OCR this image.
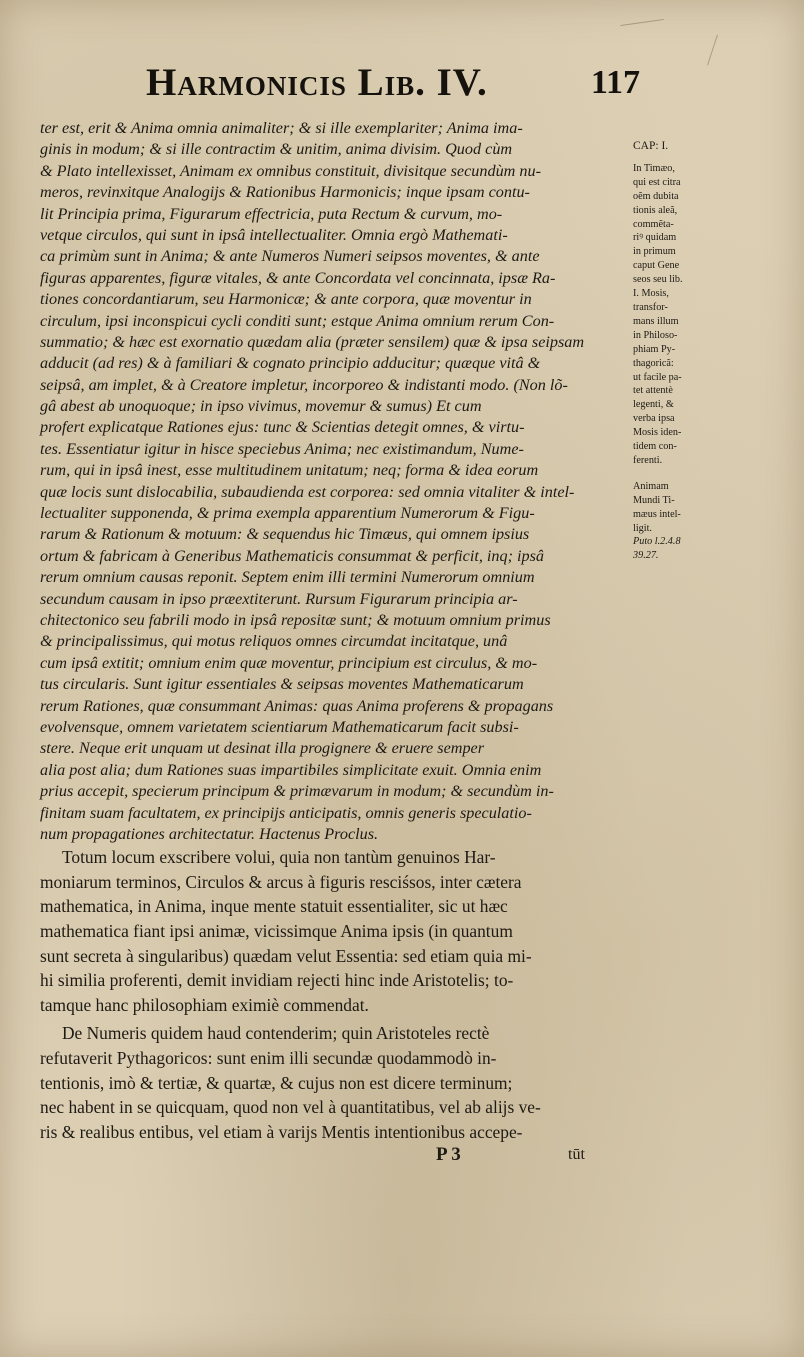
Harmonicis Lib. IV.	117
ter est, erit & Anima omnia animaliter; & si ille exemplariter; Anima ima-
ginis in modum; & si ille contractim & unitim, anima divisim. Quod cùm
& Plato intellexisset, Animam ex omnibus constituit, divisitque secundùm nu-
meros, revinxitque Analogijs & Rationibus Harmonicis; inque ipsam contu-
lit Principia prima, Figurarum effectricia, puta Rectum & curvum, mo-
vetque circulos, qui sunt in ipsâ intellectualiter. Omnia ergò Mathemati-
ca primùm sunt in Anima; & ante Numeros Numeri seipsos moventes, & ante
figuras apparentes, figuræ vitales, & ante Concordata vel concinnata, ipsæ Ra-
tiones concordantiarum, seu Harmonicæ; & ante corpora, quæ moventur in
circulum, ipsi inconspicui cycli conditi sunt; estque Anima omnium rerum Con-
summatio; & hæc est exornatio quædam alia (præter sensilem) quæ & ipsa seipsam
adducit (ad res) & à familiari & cognato principio adducitur; quæque vitâ &
seipsâ, am implet, & à Creatore impletur, incorporeo & indistanti modo. (Non lõ-
gâ abest ab unoquoque; in ipso vivimus, movemur & sumus) Et cum
profert explicatque Rationes ejus: tunc & Scientias detegit omnes, & virtu-
tes. Essentiatur igitur in hisce speciebus Anima; nec existimandum, Nume-
rum, qui in ipsâ inest, esse multitudinem unitatum; neq; forma & idea eorum
quæ locis sunt dislocabilia, subaudienda est corporea: sed omnia vitaliter & intel-
lectualiter supponenda, & prima exempla apparentium Numerorum & Figu-
rarum & Rationum & motuum: & sequendus hic Timæus, qui omnem ipsius
ortum & fabricam à Generibus Mathematicis consummat & perficit, inq; ipsâ
rerum omnium causas reponit. Septem enim illi termini Numerorum omnium
secundum causam in ipso præextiterunt. Rursum Figurarum principia ar-
chitectonico seu fabrili modo in ipsâ repositæ sunt; & motuum omnium primus
& principalissimus, qui motus reliquos omnes circumdat incitatque, unâ
cum ipsâ extitit; omnium enim quæ moventur, principium est circulus, & mo-
tus circularis. Sunt igitur essentiales & seipsas moventes Mathematicarum
rerum Rationes, quæ consummant Animas: quas Anima proferens & propagans
evolvensque, omnem varietatem scientiarum Mathematicarum facit subsi-
stere. Neque erit unquam ut desinat illa progignere & eruere semper
alia post alia; dum Rationes suas impartibiles simplicitate exuit. Omnia enim
prius accepit, specierum principum & primævarum in modum; & secundùm in-
finitam suam facultatem, ex principijs anticipatis, omnis generis speculatio-
num propagationes architectatur. Hactenus Proclus.
Totum locum exscribere volui, quia non tantùm genuinos Har-
moniarum terminos, Circulos & arcus à figuris resciśsos, inter cætera
mathematica, in Anima, inque mente statuit essentialiter, sic ut hæc
mathematica fiant ipsi animæ, vicissimque Anima ipsis (in quantum
sunt secreta à singularibus) quædam velut Essentia: sed etiam quia mi-
hi similia proferenti, demit invidiam rejecti hinc inde Aristotelis; to-
tamque hanc philosophiam eximiè commendat.
De Numeris quidem haud contenderim; quin Aristoteles rectè
refutaverit Pythagoricos: sunt enim illi secundæ quodammodò in-
tentionis, imò & tertiæ, & quartæ, & cujus non est dicere terminum;
nec habent in se quicquam, quod non vel à quantitatibus, vel ab alijs ve-
ris & realibus entibus, vel etiam à varijs Mentis intentionibus accepe-
CAP: I.
In Timæo,
qui est citra
oẽm dubita
tionis aleã,
commẽta-
riꝰ quidam
in primum
caput Gene
seos seu lib.
I. Mosis,
transfor-
mans illum
in Philoso-
phiam Py-
thagoricã:
ut facile pa-
tet attentè
legenti, &
verba ipsa
Mosis iden-
tidem con-
ferenti.
Animam
Mundi Ti-
mæus intel-
ligit.
Puto l.2.4.8
39.27.
P 3	tūt
